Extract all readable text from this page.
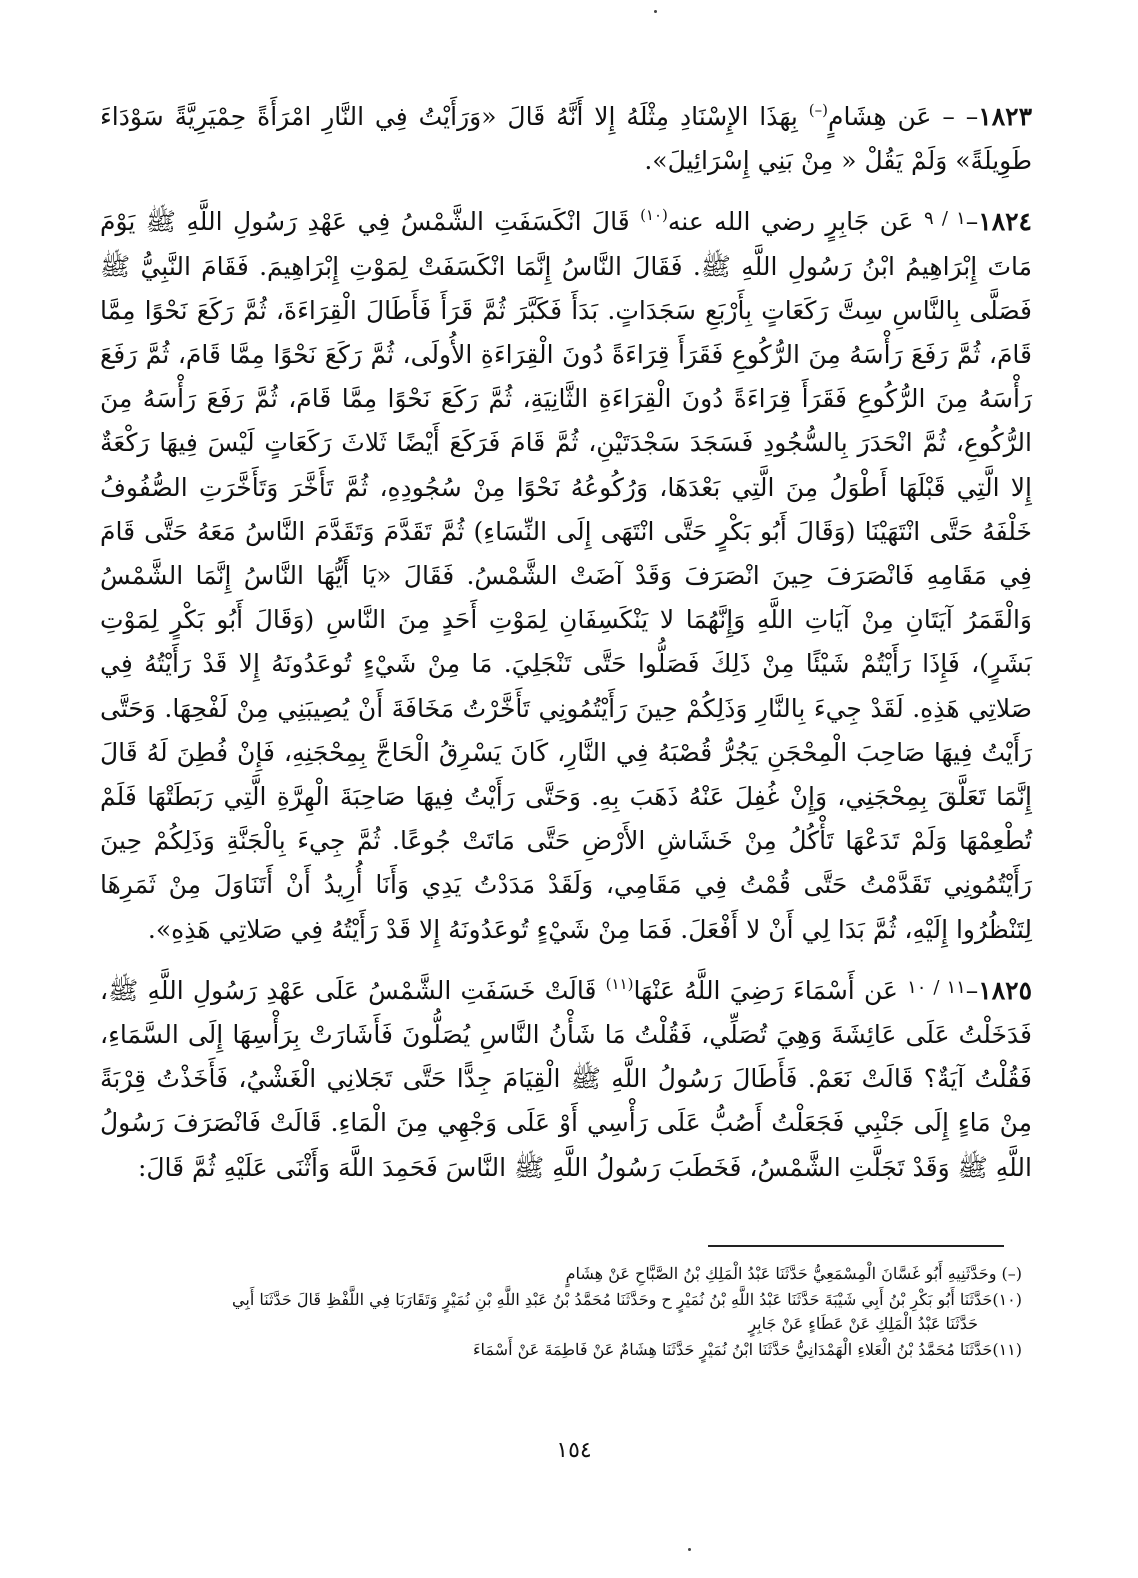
١٨٢٣– – عَن هِشَامٍ(–) بِهَذَا الإِسْنَادِ مِثْلَهُ إِلا أَنَّهُ قَالَ «وَرَأَيْتُ فِي النَّارِ امْرَأَةً حِمْيَرِيَّةً سَوْدَاءَ طَوِيلَةً» وَلَمْ يَقُلْ « مِنْ بَنِي إِسْرَائِيلَ».

١٨٢٤–$^{١ / ٩}$ عَن جَابِرٍ رضي الله عنه$^{(١٠)}$ قَالَ انْكَسَفَتِ الشَّمْسُ فِي عَهْدِ رَسُولِ اللَّهِ ﷺ يَوْمَ مَاتَ إِبْرَاهِيمُ ابْنُ رَسُولِ اللَّهِ ﷺ. فَقَالَ النَّاسُ إِنَّمَا انْكَسَفَتْ لِمَوْتِ إِبْرَاهِيمَ. فَقَامَ النَّبِيُّ ﷺ فَصَلَّى بِالنَّاسِ سِتَّ رَكَعَاتٍ بِأَرْبَعِ سَجَدَاتٍ. بَدَأَ فَكَبَّرَ ثُمَّ قَرَأَ فَأَطَالَ الْقِرَاءَةَ، ثُمَّ رَكَعَ نَحْوًا مِمَّا قَامَ، ثُمَّ رَفَعَ رَأْسَهُ مِنَ الرُّكُوعِ فَقَرَأَ قِرَاءَةً دُونَ الْقِرَاءَةِ الأُولَى، ثُمَّ رَكَعَ نَحْوًا مِمَّا قَامَ، ثُمَّ رَفَعَ رَأْسَهُ مِنَ الرُّكُوعِ فَقَرَأَ قِرَاءَةً دُونَ الْقِرَاءَةِ الثَّانِيَةِ، ثُمَّ رَكَعَ نَحْوًا مِمَّا قَامَ، ثُمَّ رَفَعَ رَأْسَهُ مِنَ الرُّكُوعِ، ثُمَّ انْحَدَرَ بِالسُّجُودِ فَسَجَدَ سَجْدَتَيْنِ، ثُمَّ قَامَ فَرَكَعَ أَيْضًا ثَلاثَ رَكَعَاتٍ لَيْسَ فِيهَا رَكْعَةٌ إِلا الَّتِي قَبْلَهَا أَطْوَلُ مِنَ الَّتِي بَعْدَهَا، وَرُكُوعُهُ نَحْوًا مِنْ سُجُودِهِ، ثُمَّ تَأَخَّرَ وَتَأَخَّرَتِ الصُّفُوفُ خَلْفَهُ حَتَّى انْتَهَيْنَا (وَقَالَ أَبُو بَكْرٍ حَتَّى انْتَهَى إِلَى النِّسَاءِ) ثُمَّ تَقَدَّمَ وَتَقَدَّمَ النَّاسُ مَعَهُ حَتَّى قَامَ فِي مَقَامِهِ فَانْصَرَفَ حِينَ انْصَرَفَ وَقَدْ آضَتْ الشَّمْسُ. فَقَالَ «يَا أَيُّهَا النَّاسُ إِنَّمَا الشَّمْسُ وَالْقَمَرُ آيَتَانِ مِنْ آيَاتِ اللَّهِ وَإِنَّهُمَا لا يَنْكَسِفَانِ لِمَوْتِ أَحَدٍ مِنَ النَّاسِ (وَقَالَ أَبُو بَكْرٍ لِمَوْتِ بَشَرٍ)، فَإِذَا رَأَيْتُمْ شَيْئًا مِنْ ذَلِكَ فَصَلُّوا حَتَّى تَنْجَلِيَ. مَا مِنْ شَيْءٍ تُوعَدُونَهُ إِلا قَدْ رَأَيْتُهُ فِي صَلاتِي هَذِهِ. لَقَدْ جِيءَ بِالنَّارِ وَذَلِكُمْ حِينَ رَأَيْتُمُونِي تَأَخَّرْتُ مَخَافَةَ أَنْ يُصِيبَنِي مِنْ لَفْحِهَا. وَحَتَّى رَأَيْتُ فِيهَا صَاحِبَ الْمِحْجَنِ يَجُرُّ قُصْبَهُ فِي النَّارِ، كَانَ يَسْرِقُ الْحَاجَّ بِمِحْجَنِهِ، فَإِنْ فُطِنَ لَهُ قَالَ إِنَّمَا تَعَلَّقَ بِمِحْجَنِي، وَإِنْ غُفِلَ عَنْهُ ذَهَبَ بِهِ. وَحَتَّى رَأَيْتُ فِيهَا صَاحِبَةَ الْهِرَّةِ الَّتِي رَبَطَتْهَا فَلَمْ تُطْعِمْهَا وَلَمْ تَدَعْهَا تَأْكُلُ مِنْ خَشَاشِ الأَرْضِ حَتَّى مَاتَتْ جُوعًا. ثُمَّ جِيءَ بِالْجَنَّةِ وَذَلِكُمْ حِينَ رَأَيْتُمُونِي تَقَدَّمْتُ حَتَّى قُمْتُ فِي مَقَامِي، وَلَقَدْ مَدَدْتُ يَدِي وَأَنَا أُرِيدُ أَنْ أَتَنَاوَلَ مِنْ ثَمَرِهَا لِتَنْظُرُوا إِلَيْهِ، ثُمَّ بَدَا لِي أَنْ لا أَفْعَلَ. فَمَا مِنْ شَيْءٍ تُوعَدُونَهُ إِلا قَدْ رَأَيْتُهُ فِي صَلاتِي هَذِهِ».

١٨٢٥–$^{١١ / ١٠}$ عَن أَسْمَاءَ رَضِيَ اللَّهُ عَنْهَا$^{(١١)}$ قَالَتْ خَسَفَتِ الشَّمْسُ عَلَى عَهْدِ رَسُولِ اللَّهِ ﷺ، فَدَخَلْتُ عَلَى عَائِشَةَ وَهِيَ تُصَلِّي، فَقُلْتُ مَا شَأْنُ النَّاسِ يُصَلُّونَ فَأَشَارَتْ بِرَأْسِهَا إِلَى السَّمَاءِ، فَقُلْتُ آيَةٌ؟ قَالَتْ نَعَمْ. فَأَطَالَ رَسُولُ اللَّهِ ﷺ الْقِيَامَ جِدًّا حَتَّى تَجَلانِي الْغَشْيُ، فَأَخَذْتُ قِرْبَةً مِنْ مَاءٍ إِلَى جَنْبِي فَجَعَلْتُ أَصُبُّ عَلَى رَأْسِي أَوْ عَلَى وَجْهِي مِنَ الْمَاءِ. قَالَتْ فَانْصَرَفَ رَسُولُ اللَّهِ ﷺ وَقَدْ تَجَلَّتِ الشَّمْسُ، فَخَطَبَ رَسُولُ اللَّهِ ﷺ النَّاسَ فَحَمِدَ اللَّهَ وَأَثْنَى عَلَيْهِ ثُمَّ قَالَ:

(–) وحَدَّثَنِيهِ أَبُو غَسَّانَ الْمِسْمَعِيُّ حَدَّثَنَا عَبْدُ الْمَلِكِ بْنُ الصَّبَّاحِ عَنْ هِشَامٍ
(١٠)حَدَّثَنَا أَبُو بَكْرِ بْنُ أَبِي شَيْبَةَ حَدَّثَنَا عَبْدُ اللَّهِ بْنُ نُمَيْرٍ ح وحَدَّثَنَا مُحَمَّدُ بْنُ عَبْدِ اللَّهِ بْنِ نُمَيْرٍ وَتَقَارَبَا فِي اللَّفْظِ قَالَ حَدَّثَنَا أَبِي
حَدَّثَنَا عَبْدُ الْمَلِكِ عَنْ عَطَاءٍ عَنْ جَابِرٍ
(١١)حَدَّثَنَا مُحَمَّدُ بْنُ الْعَلاءِ الْهَمْدَانِيُّ حَدَّثَنَا ابْنُ نُمَيْرٍ حَدَّثَنَا هِشَامٌ عَنْ فَاطِمَةَ عَنْ أَسْمَاءَ
١٥٤
